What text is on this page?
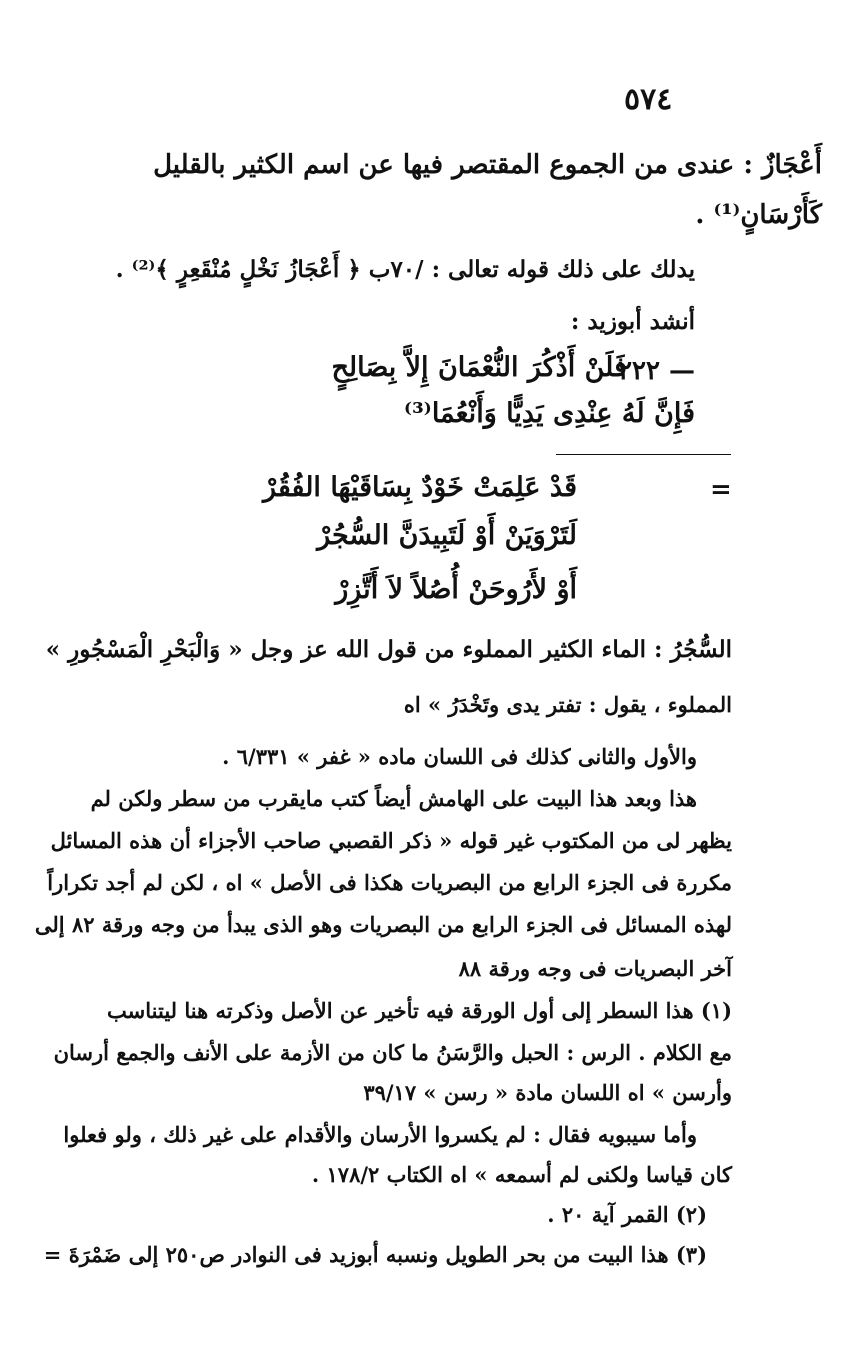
٥٧٤
أَعْجَازٌ : عندى من الجموع المقتصر فيها عن اسم الكثير بالقليل
كَأَرْسَانٍ⁽¹⁾ .
يدلك على ذلك قوله تعالى : /٧٠ب ﴿ أَعْجَازُ نَخْلٍ مُنْقَعِرٍ ﴾⁽²⁾ .
أنشد أبوزيد :
٢٢٢ —
فَلَنْ أَذْكُرَ النُّعْمَانَ إِلاَّ بِصَالِحٍ
فَإِنَّ لَهُ عِنْدِى يَدِيًّا وَأَنْعُمَا⁽³⁾
=
قَدْ عَلِمَتْ خَوْدٌ بِسَاقَيْهَا الفُقُرْ
لَتَرْوَيَنْ أَوْ لَتَبِيدَنَّ السُّجُرْ
أَوْ لأَرُوحَنْ أُصُلاً لاَ أَتَّزِرْ
السُّجُرُ : الماء الكثير المملوء من قول الله عز وجل « وَالْبَحْرِ الْمَسْجُورِ »
المملوء ، يقول : تفتر يدى وتَخْدَرُ » اه
والأول والثانى كذلك فى اللسان ماده « غفر » ٦/٣٣١ .
هذا وبعد هذا البيت على الهامش أيضاً كتب مايقرب من سطر ولكن لم
يظهر لى من المكتوب غير قوله « ذكر القصبي صاحب الأجزاء أن هذه المسائل
مكررة فى الجزء الرابع من البصريات هكذا فى الأصل » اه ، لكن لم أجد تكراراً
لهذه المسائل فى الجزء الرابع من البصريات وهو الذى يبدأ من وجه ورقة ٨٢ إلى
آخر البصريات فى وجه ورقة ٨٨
(١) هذا السطر إلى أول الورقة فيه تأخير عن الأصل وذكرته هنا ليتناسب
مع الكلام . الرس : الحبل والرَّسَنُ ما كان من الأزمة على الأنف والجمع أرسان
وأرسن » اه اللسان مادة « رسن » ٣٩/١٧
وأما سيبويه فقال : لم يكسروا الأرسان والأقدام على غير ذلك ، ولو فعلوا
كان قياسا ولكنى لم أسمعه » اه الكتاب ١٧٨/٢ .
(٢) القمر آية ٢٠ .
(٣) هذا البيت من بحر الطويل ونسبه أبوزيد فى النوادر ص٢٥٠ إلى ضَمْرَةَ =
